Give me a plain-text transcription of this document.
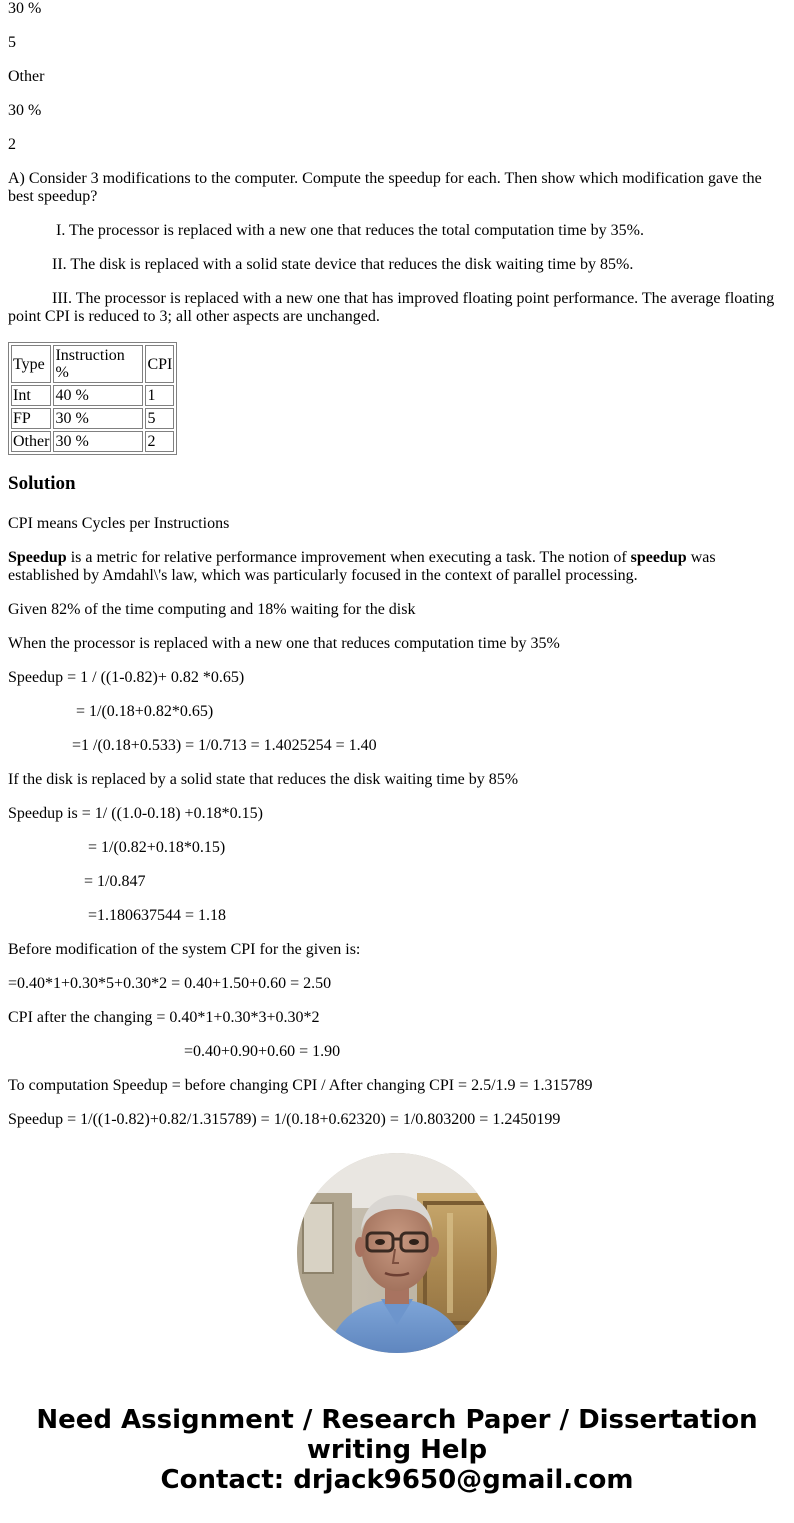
30 %

5

Other

30 %

2

A) Consider 3 modifications to the computer. Compute the speedup for each. Then show which modification gave the best speedup?

I. The processor is replaced with a new one that reduces the total computation time by 35%.

II. The disk is replaced with a solid state device that reduces the disk waiting time by 85%.

III. The processor is replaced with a new one that has improved floating point performance. The average floating point CPI is reduced to 3; all other aspects are unchanged.

Type	Instruction %	CPI
Int	40 %	1
FP	30 %	5
Other	30 %	2
Solution

CPI means Cycles per Instructions

Speedup is a metric for relative performance improvement when executing a task. The notion of speedup was established by Amdahl\'s law, which was particularly focused in the context of parallel processing.

Given 82% of the time computing and 18% waiting for the disk

When the processor is replaced with a new one that reduces computation time by 35%

Speedup = 1 / ((1-0.82)+ 0.82 *0.65)

= 1/(0.18+0.82*0.65)

=1 /(0.18+0.533) = 1/0.713 = 1.4025254 = 1.40

If the disk is replaced by a solid state that reduces the disk waiting time by 85%

Speedup is = 1/ ((1.0-0.18) +0.18*0.15)

= 1/(0.82+0.18*0.15)

= 1/0.847

=1.180637544 = 1.18

Before modification of the system CPI for the given is:

=0.40*1+0.30*5+0.30*2 = 0.40+1.50+0.60 = 2.50

CPI after the changing = 0.40*1+0.30*3+0.30*2

=0.40+0.90+0.60 = 1.90

To computation Speedup = before changing CPI / After changing CPI = 2.5/1.9 = 1.315789

Speedup = 1/((1-0.82)+0.82/1.315789) = 1/(0.18+0.62320) = 1/0.803200 = 1.2450199

Need Assignment / Research Paper / Dissertation
writing Help
Contact: drjack9650@gmail.com
